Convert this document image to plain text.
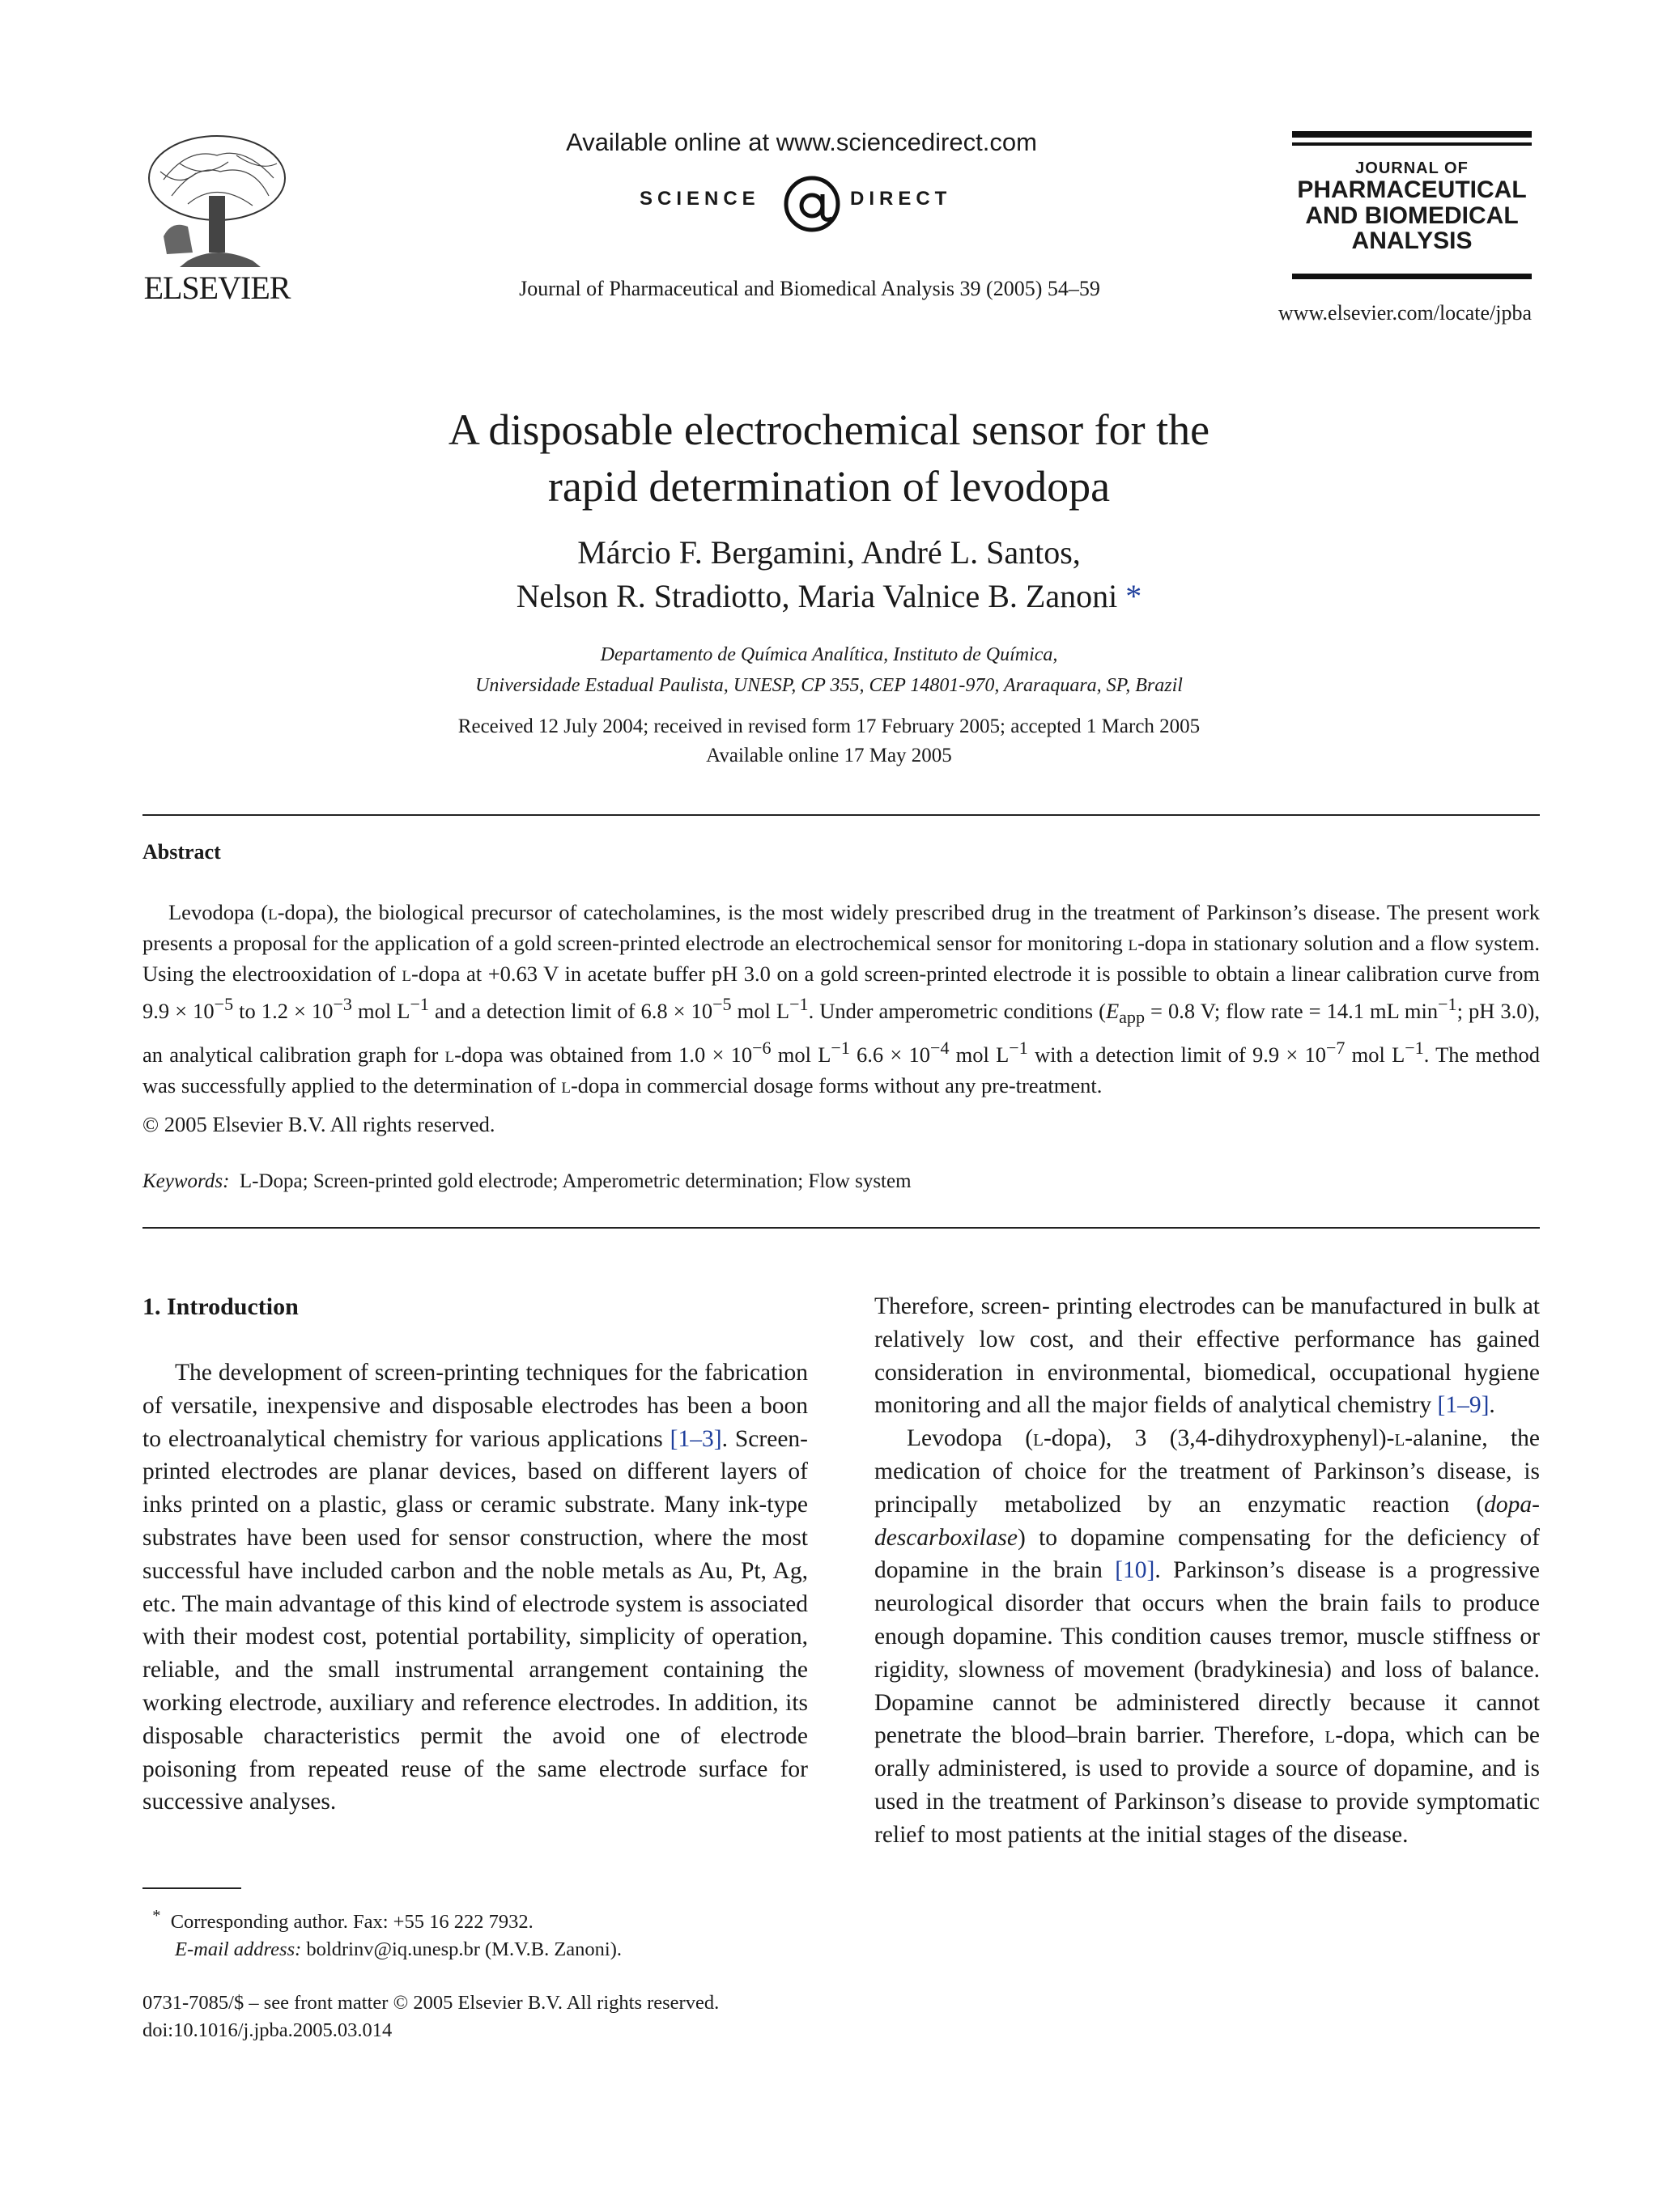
ELSEVIER
Available online at www.sciencedirect.com
SCIENCE	DIRECT
Journal of Pharmaceutical and Biomedical Analysis 39 (2005) 54–59
JOURNAL OF
PHARMACEUTICAL
AND BIOMEDICAL
ANALYSIS
www.elsevier.com/locate/jpba
A disposable electrochemical sensor for the
rapid determination of levodopa
Márcio F. Bergamini, André L. Santos,
Nelson R. Stradiotto, Maria Valnice B. Zanoni *
Departamento de Química Analítica, Instituto de Química,
Universidade Estadual Paulista, UNESP, CP 355, CEP 14801-970, Araraquara, SP, Brazil
Received 12 July 2004; received in revised form 17 February 2005; accepted 1 March 2005
Available online 17 May 2005
Abstract

Levodopa (l-dopa), the biological precursor of catecholamines, is the most widely prescribed drug in the treatment of Parkinson’s disease. The present work presents a proposal for the application of a gold screen-printed electrode an electrochemical sensor for monitoring l-dopa in stationary solution and a flow system. Using the electrooxidation of l-dopa at +0.63 V in acetate buffer pH 3.0 on a gold screen-printed electrode it is possible to obtain a linear calibration curve from $9.9 \times 10^{-5}$ to $1.2 \times 10^{-3}$ mol $L^{-1}$ and a detection limit of $6.8 \times 10^{-5}$ mol $L^{-1}$. Under amperometric conditions ($E_{app} = 0.8$ V; flow rate = 14.1 mL $\min^{-1}$; pH 3.0), an analytical calibration graph for l-dopa was obtained from $1.0 \times 10^{-6}$ mol $L^{-1}$ $6.6 \times 10^{-4}$ mol $L^{-1}$ with a detection limit of $9.9 \times 10^{-7}$ mol $L^{-1}$. The method was successfully applied to the determination of l-dopa in commercial dosage forms without any pre-treatment.

© 2005 Elsevier B.V. All rights reserved.
Keywords: L-Dopa; Screen-printed gold electrode; Amperometric determination; Flow system
1. Introduction

The development of screen-printing techniques for the fabrication of versatile, inexpensive and disposable electrodes has been a boon to electroanalytical chemistry for various applications [1–3]. Screen-printed electrodes are planar devices, based on different layers of inks printed on a plastic, glass or ceramic substrate. Many ink-type substrates have been used for sensor construction, where the most successful have included carbon and the noble metals as Au, Pt, Ag, etc. The main advantage of this kind of electrode system is associated with their modest cost, potential portability, simplicity of operation, reliable, and the small instrumental arrangement containing the working electrode, auxiliary and reference electrodes. In addition, its disposable characteristics permit the avoid one of electrode poisoning from repeated reuse of the same electrode surface for successive analyses.

Therefore, screen- printing electrodes can be manufactured in bulk at relatively low cost, and their effective performance has gained consideration in environmental, biomedical, occupational hygiene monitoring and all the major fields of analytical chemistry [1–9].

Levodopa (l-dopa), 3 (3,4-dihydroxyphenyl)-l-alanine, the medication of choice for the treatment of Parkinson’s disease, is principally metabolized by an enzymatic reaction (dopa-descarboxilase) to dopamine compensating for the deficiency of dopamine in the brain [10]. Parkinson’s disease is a progressive neurological disorder that occurs when the brain fails to produce enough dopamine. This condition causes tremor, muscle stiffness or rigidity, slowness of movement (bradykinesia) and loss of balance. Dopamine cannot be administered directly because it cannot penetrate the blood–brain barrier. Therefore, l-dopa, which can be orally administered, is used to provide a source of dopamine, and is used in the treatment of Parkinson’s disease to provide symptomatic relief to most patients at the initial stages of the disease.

* Corresponding author. Fax: +55 16 222 7932.
E-mail address: boldrinv@iq.unesp.br (M.V.B. Zanoni).
0731-7085/$ – see front matter © 2005 Elsevier B.V. All rights reserved.
doi:10.1016/j.jpba.2005.03.014
